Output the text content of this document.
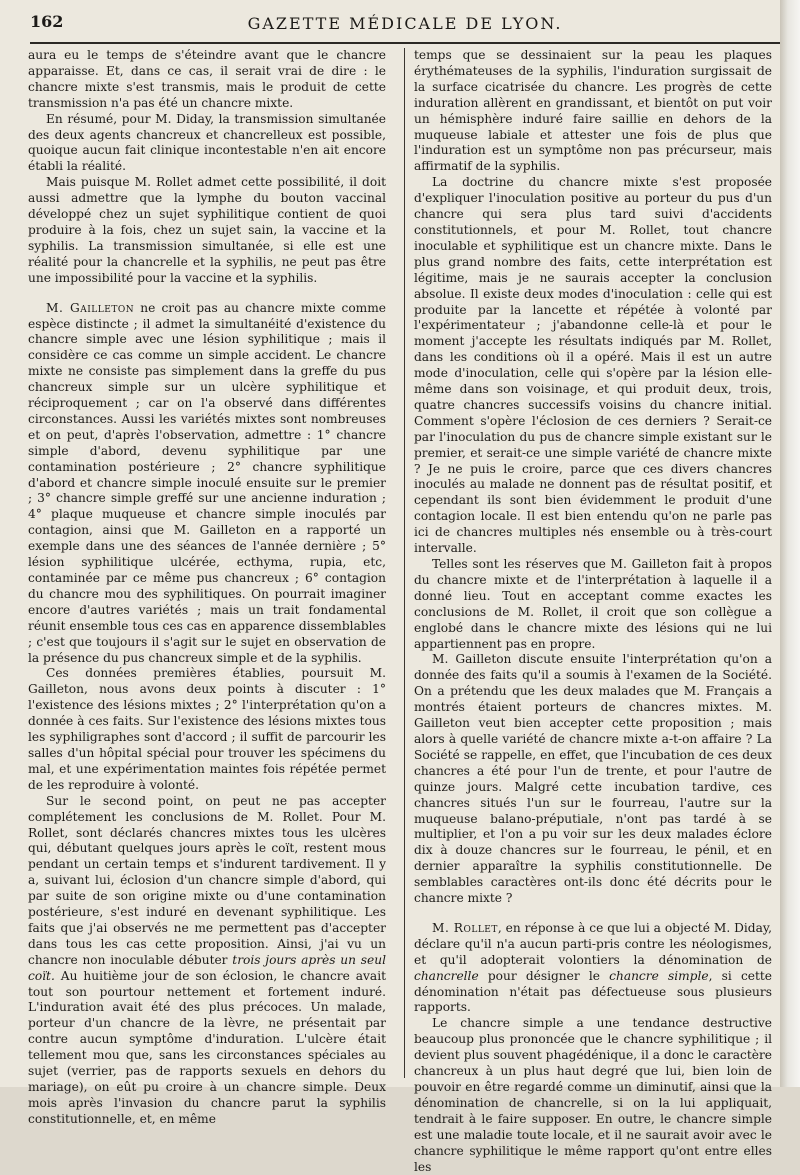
162	GAZETTE MÉDICALE DE LYON.

aura eu le temps de s'éteindre avant que le chancre apparaisse. Et, dans ce cas, il serait vrai de dire : le chancre mixte s'est transmis, mais le produit de cette transmission n'a pas été un chancre mixte.

En résumé, pour M. Diday, la transmission simultanée des deux agents chancreux et chancrelleux est possible, quoique aucun fait clinique incontestable n'en ait encore établi la réalité.

Mais puisque M. Rollet admet cette possibilité, il doit aussi admettre que la lymphe du bouton vaccinal développé chez un sujet syphilitique contient de quoi produire à la fois, chez un sujet sain, la vaccine et la syphilis. La transmission simultanée, si elle est une réalité pour la chancrelle et la syphilis, ne peut pas être une impossibilité pour la vaccine et la syphilis.

M. Gailleton ne croit pas au chancre mixte comme espèce distincte ; il admet la simultanéité d'existence du chancre simple avec une lésion syphilitique ; mais il considère ce cas comme un simple accident. Le chancre mixte ne consiste pas simplement dans la greffe du pus chancreux simple sur un ulcère syphilitique et réciproquement ; car on l'a observé dans différentes circonstances. Aussi les variétés mixtes sont nombreuses et on peut, d'après l'observation, admettre : 1° chancre simple d'abord, devenu syphilitique par une contamination postérieure ; 2° chancre syphilitique d'abord et chancre simple inoculé ensuite sur le premier ; 3° chancre simple greffé sur une ancienne induration ; 4° plaque muqueuse et chancre simple inoculés par contagion, ainsi que M. Gailleton en a rapporté un exemple dans une des séances de l'année dernière ; 5° lésion syphilitique ulcérée, ecthyma, rupia, etc, contaminée par ce même pus chancreux ; 6° contagion du chancre mou des syphilitiques. On pourrait imaginer encore d'autres variétés ; mais un trait fondamental réunit ensemble tous ces cas en apparence dissemblables ; c'est que toujours il s'agit sur le sujet en observation de la présence du pus chancreux simple et de la syphilis.

Ces données premières établies, poursuit M. Gailleton, nous avons deux points à discuter : 1° l'existence des lésions mixtes ; 2° l'interprétation qu'on a donnée à ces faits. Sur l'existence des lésions mixtes tous les syphiligraphes sont d'accord ; il suffit de parcourir les salles d'un hôpital spécial pour trouver les spécimens du mal, et une expérimentation maintes fois répétée permet de les reproduire à volonté.

Sur le second point, on peut ne pas accepter complétement les conclusions de M. Rollet. Pour M. Rollet, sont déclarés chancres mixtes tous les ulcères qui, débutant quelques jours après le coït, restent mous pendant un certain temps et s'indurent tardivement. Il y a, suivant lui, éclosion d'un chancre simple d'abord, qui par suite de son origine mixte ou d'une contamination postérieure, s'est induré en devenant syphilitique. Les faits que j'ai observés ne me permettent pas d'accepter dans tous les cas cette proposition. Ainsi, j'ai vu un chancre non inoculable débuter trois jours après un seul coït. Au huitième jour de son éclosion, le chancre avait tout son pourtour nettement et fortement induré. L'induration avait été des plus précoces. Un malade, porteur d'un chancre de la lèvre, ne présentait par contre aucun symptôme d'induration. L'ulcère était tellement mou que, sans les circonstances spéciales au sujet (verrier, pas de rapports sexuels en dehors du mariage), on eût pu croire à un chancre simple. Deux mois après l'invasion du chancre parut la syphilis constitutionnelle, et, en même

temps que se dessinaient sur la peau les plaques érythémateuses de la syphilis, l'induration surgissait de la surface cicatrisée du chancre. Les progrès de cette induration allèrent en grandissant, et bientôt on put voir un hémisphère induré faire saillie en dehors de la muqueuse labiale et attester une fois de plus que l'induration est un symptôme non pas précurseur, mais affirmatif de la syphilis.

La doctrine du chancre mixte s'est proposée d'expliquer l'inoculation positive au porteur du pus d'un chancre qui sera plus tard suivi d'accidents constitutionnels, et pour M. Rollet, tout chancre inoculable et syphilitique est un chancre mixte. Dans le plus grand nombre des faits, cette interprétation est légitime, mais je ne saurais accepter la conclusion absolue. Il existe deux modes d'inoculation : celle qui est produite par la lancette et répétée à volonté par l'expérimentateur ; j'abandonne celle-là et pour le moment j'accepte les résultats indiqués par M. Rollet, dans les conditions où il a opéré. Mais il est un autre mode d'inoculation, celle qui s'opère par la lésion elle-même dans son voisinage, et qui produit deux, trois, quatre chancres successifs voisins du chancre initial. Comment s'opère l'éclosion de ces derniers ? Serait-ce par l'inoculation du pus de chancre simple existant sur le premier, et serait-ce une simple variété de chancre mixte ? Je ne puis le croire, parce que ces divers chancres inoculés au malade ne donnent pas de résultat positif, et cependant ils sont bien évidemment le produit d'une contagion locale. Il est bien entendu qu'on ne parle pas ici de chancres multiples nés ensemble ou à très-court intervalle.

Telles sont les réserves que M. Gailleton fait à propos du chancre mixte et de l'interprétation à laquelle il a donné lieu. Tout en acceptant comme exactes les conclusions de M. Rollet, il croit que son collègue a englobé dans le chancre mixte des lésions qui ne lui appartiennent pas en propre.

M. Gailleton discute ensuite l'interprétation qu'on a donnée des faits qu'il a soumis à l'examen de la Société. On a prétendu que les deux malades que M. Français a montrés étaient porteurs de chancres mixtes. M. Gailleton veut bien accepter cette proposition ; mais alors à quelle variété de chancre mixte a-t-on affaire ? La Société se rappelle, en effet, que l'incubation de ces deux chancres a été pour l'un de trente, et pour l'autre de quinze jours. Malgré cette incubation tardive, ces chancres situés l'un sur le fourreau, l'autre sur la muqueuse balano-préputiale, n'ont pas tardé à se multiplier, et l'on a pu voir sur les deux malades éclore dix à douze chancres sur le fourreau, le pénil, et en dernier apparaître la syphilis constitutionnelle. De semblables caractères ont-ils donc été décrits pour le chancre mixte ?

M. Rollet, en réponse à ce que lui a objecté M. Diday, déclare qu'il n'a aucun parti-pris contre les néologismes, et qu'il adopterait volontiers la dénomination de chancrelle pour désigner le chancre simple, si cette dénomination n'était pas défectueuse sous plusieurs rapports.

Le chancre simple a une tendance destructive beaucoup plus prononcée que le chancre syphilitique ; il devient plus souvent phagédénique, il a donc le caractère chancreux à un plus haut degré que lui, bien loin de pouvoir en être regardé comme un diminutif, ainsi que la dénomination de chancrelle, si on la lui appliquait, tendrait à le faire supposer. En outre, le chancre simple est une maladie toute locale, et il ne saurait avoir avec le chancre syphilitique le même rapport qu'ont entre elles les
